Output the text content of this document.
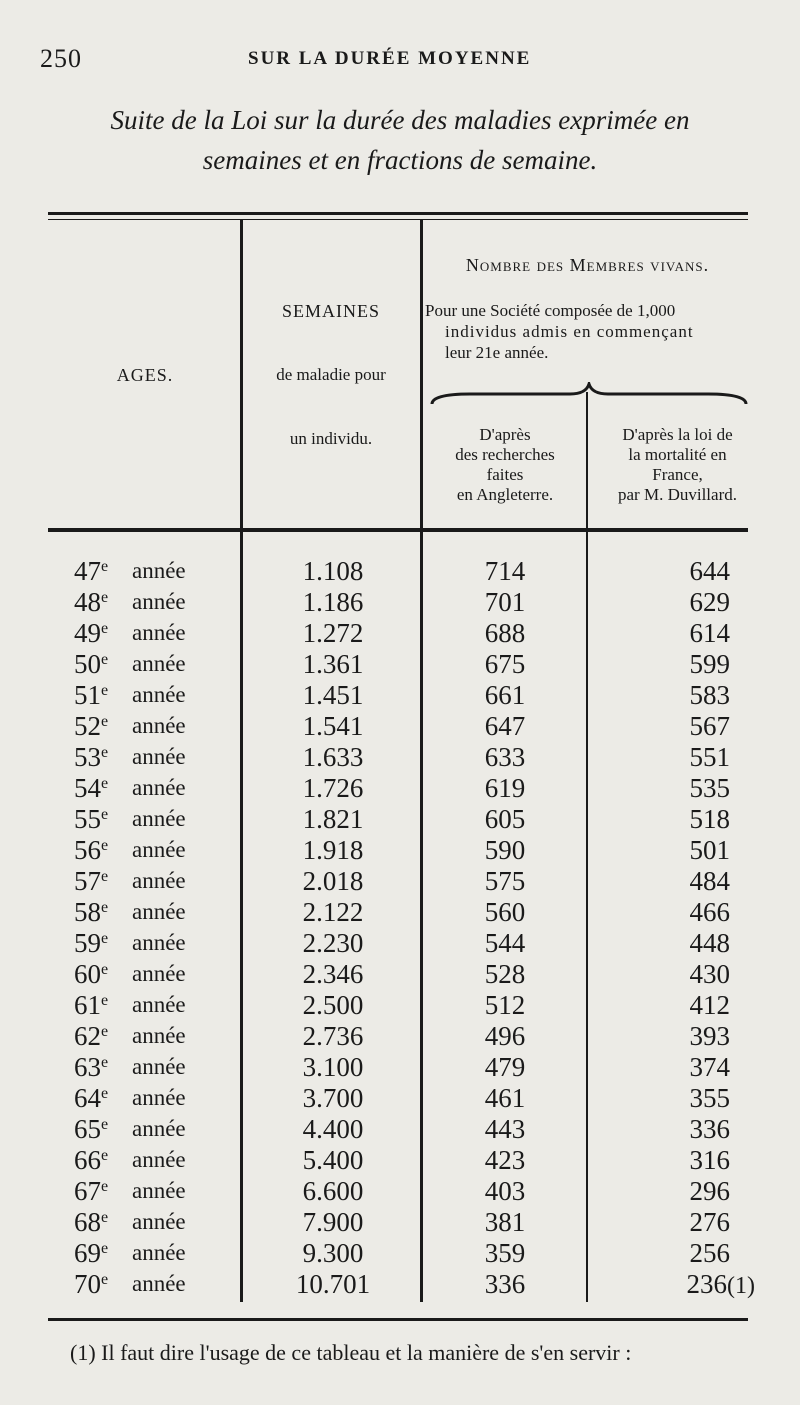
250	SUR LA DURÉE MOYENNE
Suite de la Loi sur la durée des maladies exprimée en
semaines et en fractions de semaine.
AGES.
SEMAINES
de maladie pour
un individu.
Nombre des Membres vivans.
Pour une Société composée de 1,000
individus admis en commençant
leur 21e année.
D'après
des recherches
faites
en Angleterre.
D'après la loi de
la mortalité en
France,
par M. Duvillard.
47e année	1.108	714	644
48e année	1.186	701	629
49e année	1.272	688	614
50e année	1.361	675	599
51e année	1.451	661	583
52e année	1.541	647	567
53e année	1.633	633	551
54e année	1.726	619	535
55e année	1.821	605	518
56e année	1.918	590	501
57e année	2.018	575	484
58e année	2.122	560	466
59e année	2.230	544	448
60e année	2.346	528	430
61e année	2.500	512	412
62e année	2.736	496	393
63e année	3.100	479	374
64e année	3.700	461	355
65e année	4.400	443	336
66e année	5.400	423	316
67e année	6.600	403	296
68e année	7.900	381	276
69e année	9.300	359	256
70e année	10.701	336	236(1)
(1) Il faut dire l'usage de ce tableau et la manière de s'en servir :
